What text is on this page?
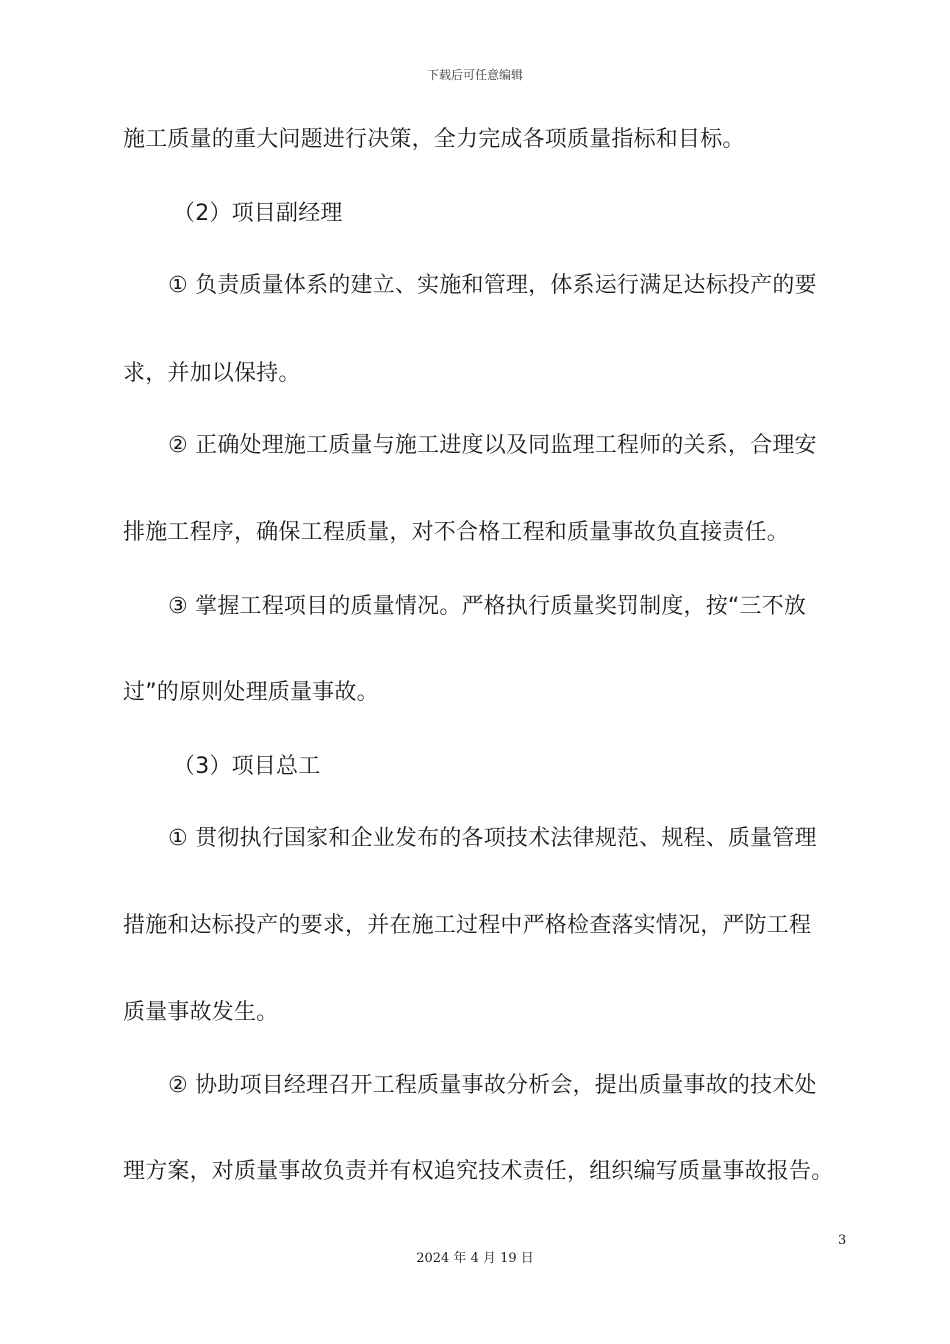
下载后可任意编辑
施工质量的重大问题进行决策，全力完成各项质量指标和目标。
（2）项目副经理
① 负责质量体系的建立、实施和管理，体系运行满足达标投产的要
求，并加以保持。
② 正确处理施工质量与施工进度以及同监理工程师的关系，合理安
排施工程序，确保工程质量，对不合格工程和质量事故负直接责任。
③ 掌握工程项目的质量情况。严格执行质量奖罚制度，按“三不放
过”的原则处理质量事故。
（3）项目总工
① 贯彻执行国家和企业发布的各项技术法律规范、规程、质量管理
措施和达标投产的要求，并在施工过程中严格检查落实情况，严防工程
质量事故发生。
② 协助项目经理召开工程质量事故分析会，提出质量事故的技术处
理方案，对质量事故负责并有权追究技术责任，组织编写质量事故报告。
3
2024 年 4 月 19 日
